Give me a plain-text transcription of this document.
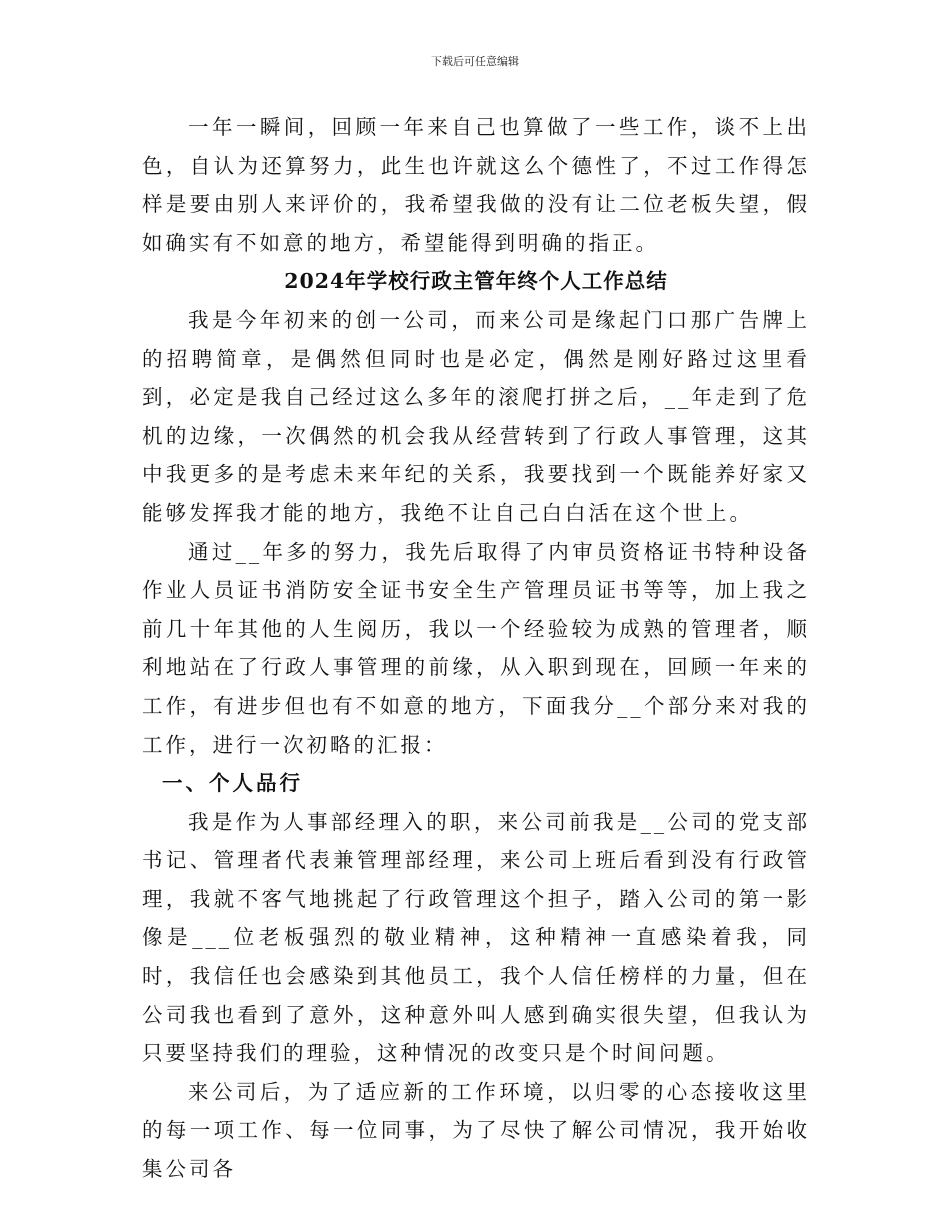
下载后可任意编辑

一年一瞬间，回顾一年来自己也算做了一些工作，谈不上出色，自认为还算努力，此生也许就这么个德性了，不过工作得怎样是要由别人来评价的，我希望我做的没有让二位老板失望，假如确实有不如意的地方，希望能得到明确的指正。

2024年学校行政主管年终个人工作总结

我是今年初来的创一公司，而来公司是缘起门口那广告牌上的招聘简章，是偶然但同时也是必定，偶然是刚好路过这里看到，必定是我自己经过这么多年的滚爬打拼之后，__年走到了危机的边缘，一次偶然的机会我从经营转到了行政人事管理，这其中我更多的是考虑未来年纪的关系，我要找到一个既能养好家又能够发挥我才能的地方，我绝不让自己白白活在这个世上。

通过__年多的努力，我先后取得了内审员资格证书特种设备作业人员证书消防安全证书安全生产管理员证书等等，加上我之前几十年其他的人生阅历，我以一个经验较为成熟的管理者，顺利地站在了行政人事管理的前缘，从入职到现在，回顾一年来的工作，有进步但也有不如意的地方，下面我分__个部分来对我的工作，进行一次初略的汇报：

一、个人品行

我是作为人事部经理入的职，来公司前我是__公司的党支部书记、管理者代表兼管理部经理，来公司上班后看到没有行政管理，我就不客气地挑起了行政管理这个担子，踏入公司的第一影像是___位老板强烈的敬业精神，这种精神一直感染着我，同时，我信任也会感染到其他员工，我个人信任榜样的力量，但在公司我也看到了意外，这种意外叫人感到确实很失望，但我认为只要坚持我们的理验，这种情况的改变只是个时间问题。

来公司后，为了适应新的工作环境，以归零的心态接收这里的每一项工作、每一位同事，为了尽快了解公司情况，我开始收集公司各
